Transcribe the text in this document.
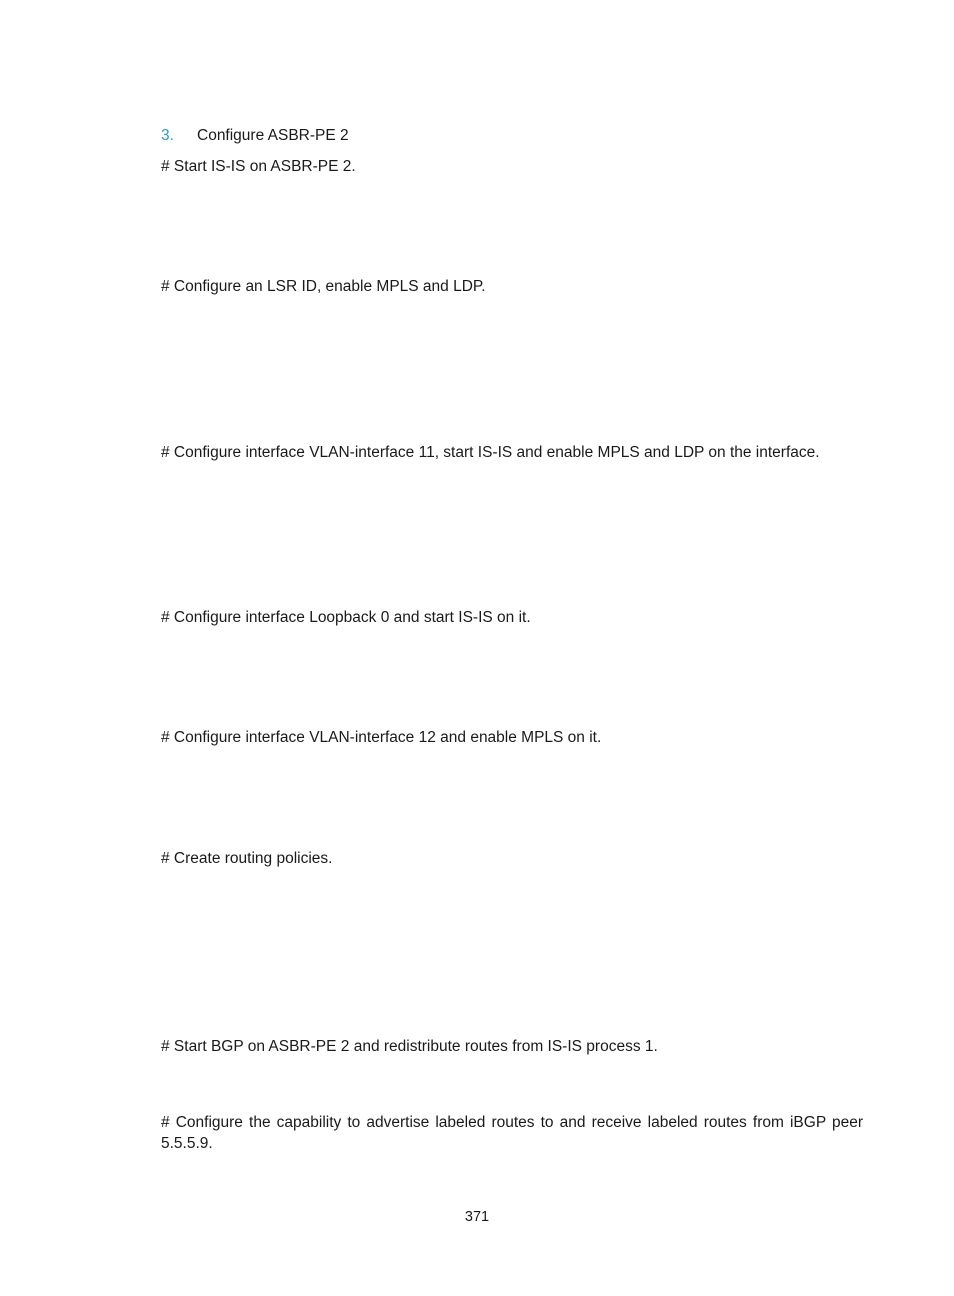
3. Configure ASBR-PE 2
# Start IS-IS on ASBR-PE 2.
# Configure an LSR ID, enable MPLS and LDP.
# Configure interface VLAN-interface 11, start IS-IS and enable MPLS and LDP on the interface.
# Configure interface Loopback 0 and start IS-IS on it.
# Configure interface VLAN-interface 12 and enable MPLS on it.
# Create routing policies.
# Start BGP on ASBR-PE 2 and redistribute routes from IS-IS process 1.
# Configure the capability to advertise labeled routes to and receive labeled routes from iBGP peer 5.5.5.9.
371
